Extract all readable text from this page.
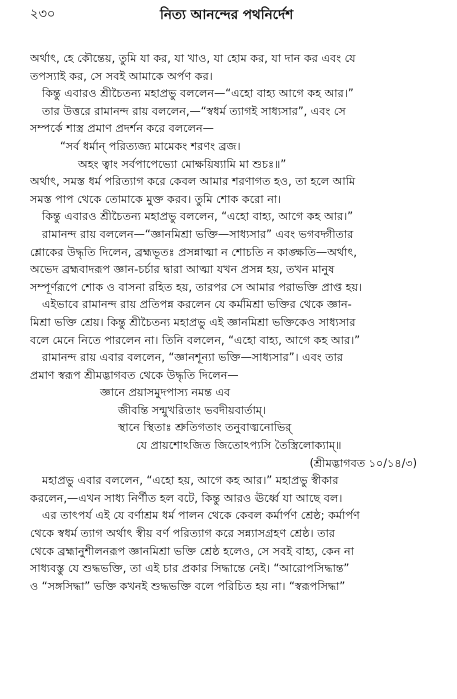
২৩০	নিত্য আনন্দের পথনির্দেশ

অর্থাৎ, হে কৌন্তেয়, তুমি যা কর, যা খাও, যা হোম কর, যা দান কর এবং যে

তপস্যাই কর, সে সবই আমাকে অর্পণ কর।

কিন্তু এবারও শ্রীচৈতন্য মহাপ্রভু বললেন—“এহো বাহ্য আগে কহ আর।”

তার উত্তরে রামানন্দ রায় বললেন,—“স্বধর্ম ত্যাগই সাধ্যসার”, এবং সে

সম্পর্কে শাস্ত্র প্রমাণ প্রদর্শন করে বললেন—

“সর্ব ধর্মান্ পরিত্যজ্য মামেকং শরণং ব্রজ।

অহং ত্বাং সর্বপাপেভ্যো মোক্ষয়িষ্যামি মা শুচঃ॥”

অর্থাৎ, সমস্ত ধর্ম পরিত্যাগ করে কেবল আমার শরণাগত হও, তা হলে আমি

সমস্ত পাপ থেকে তোমাকে মুক্ত করব। তুমি শোক করো না।

কিন্তু এবারও শ্রীচৈতন্য মহাপ্রভু বললেন, “এহো বাহ্য, আগে কহ আর।”

রামানন্দ রায় বললেন—“জ্ঞানমিশ্রা ভক্তি—সাধ্যসার” এবং ভগবদ্গীতার

শ্লোকের উদ্ধৃতি দিলেন, ব্রহ্মভূতঃ প্রসন্নাত্মা ন শোচতি ন কাঙ্ক্ষতি—অর্থাৎ,

অভেদ ব্রহ্মবাদরূপ জ্ঞান-চর্চার দ্বারা আত্মা যখন প্রসন্ন হয়, তখন মানুষ

সম্পূর্ণরূপে শোক ও বাসনা রহিত হয়, তারপর সে আমার পরাভক্তি প্রাপ্ত হয়।

এইভাবে রামানন্দ রায় প্রতিপন্ন করলেন যে কর্মমিশ্রা ভক্তির থেকে জ্ঞান-

মিশ্রা ভক্তি শ্রেয়। কিন্তু শ্রীচৈতন্য মহাপ্রভু এই জ্ঞানমিশ্রা ভক্তিকেও সাধ্যসার

বলে মেনে নিতে পারলেন না। তিনি বললেন, “এহো বাহ্য, আগে কহ আর।”

রামানন্দ রায় এবার বললেন, “জ্ঞানশূন্যা ভক্তি—সাধ্যসার”। এবং তার

প্রমাণ স্বরূপ শ্রীমদ্ভাগবত থেকে উদ্ধৃতি দিলেন—

জ্ঞানে প্রয়াসমুদপাস্য নমন্ত এব

জীবন্তি সন্মুখরিতাং ভবদীয়বার্তাম্।

স্থানে স্থিতাঃ শ্রুতিগতাং তনুবাঙ্মনোভির্

যে প্রায়শোঽজিত জিতোঽপ্যসি তৈস্ত্রিলোক্যাম্॥

(শ্রীমদ্ভাগবত ১০/১৪/৩)

মহাপ্রভু এবার বললেন, “এহো হয়, আগে কহ আর।” মহাপ্রভু স্বীকার

করলেন,—এখন সাধ্য নির্ণীত হল বটে, কিন্তু আরও ঊর্ধ্বে যা আছে বল।

এর তাৎপর্য এই যে বর্ণাশ্রম ধর্ম পালন থেকে কেবল কর্মার্পণ শ্রেষ্ঠ; কর্মার্পণ

থেকে স্বধর্ম ত্যাগ অর্থাৎ স্বীয় বর্ণ পরিত্যাগ করে সন্ন্যাসগ্রহণ শ্রেষ্ঠ। তার

থেকে ব্রহ্মানুশীলনরূপ জ্ঞানমিশ্রা ভক্তি শ্রেষ্ঠ হলেও, সে সবই বাহ্য, কেন না

সাধ্যবস্তু যে শুদ্ধভক্তি, তা এই চার প্রকার সিদ্ধান্তে নেই। “আরোপসিদ্ধান্ত”

ও “সঙ্গসিদ্ধা” ভক্তি কখনই শুদ্ধভক্তি বলে পরিচিত হয় না। “স্বরূপসিদ্ধা”
